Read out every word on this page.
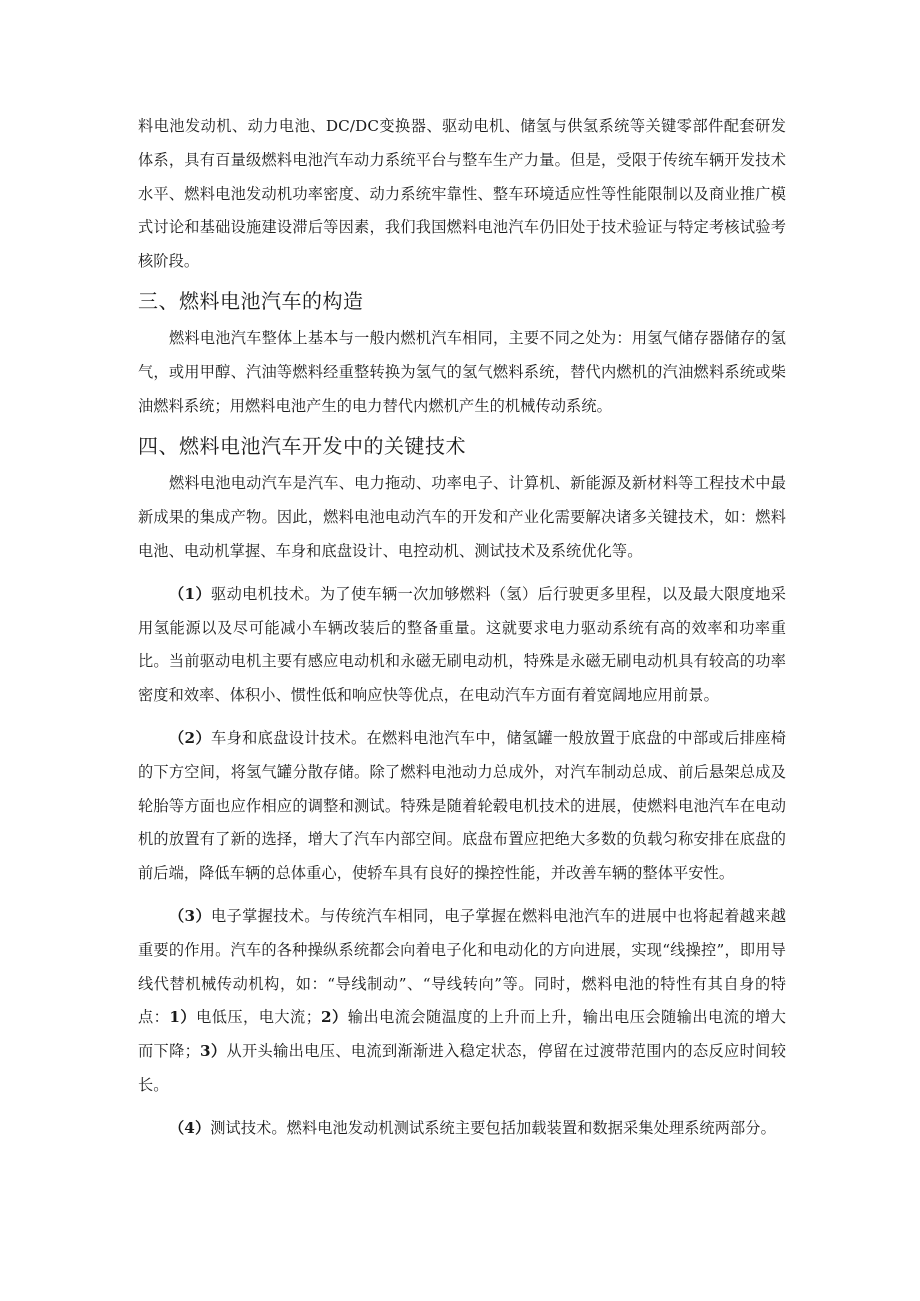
料电池发动机、动力电池、DC/DC变换器、驱动电机、储氢与供氢系统等关键零部件配套研发体系，具有百量级燃料电池汽车动力系统平台与整车生产力量。但是，受限于传统车辆开发技术水平、燃料电池发动机功率密度、动力系统牢靠性、整车环境适应性等性能限制以及商业推广模式讨论和基础设施建设滞后等因素，我们我国燃料电池汽车仍旧处于技术验证与特定考核试验考核阶段。

三、燃料电池汽车的构造

燃料电池汽车整体上基本与一般内燃机汽车相同，主要不同之处为：用氢气储存器储存的氢气，或用甲醇、汽油等燃料经重整转换为氢气的氢气燃料系统，替代内燃机的汽油燃料系统或柴油燃料系统；用燃料电池产生的电力替代内燃机产生的机械传动系统。

四、燃料电池汽车开发中的关键技术

燃料电池电动汽车是汽车、电力拖动、功率电子、计算机、新能源及新材料等工程技术中最新成果的集成产物。因此，燃料电池电动汽车的开发和产业化需要解决诸多关键技术，如：燃料电池、电动机掌握、车身和底盘设计、电控动机、测试技术及系统优化等。

（1）驱动电机技术。为了使车辆一次加够燃料（氢）后行驶更多里程，以及最大限度地采用氢能源以及尽可能减小车辆改装后的整备重量。这就要求电力驱动系统有高的效率和功率重比。当前驱动电机主要有感应电动机和永磁无刷电动机，特殊是永磁无刷电动机具有较高的功率密度和效率、体积小、惯性低和响应快等优点，在电动汽车方面有着宽阔地应用前景。

（2）车身和底盘设计技术。在燃料电池汽车中，储氢罐一般放置于底盘的中部或后排座椅的下方空间，将氢气罐分散存储。除了燃料电池动力总成外，对汽车制动总成、前后悬架总成及轮胎等方面也应作相应的调整和测试。特殊是随着轮毂电机技术的进展，使燃料电池汽车在电动机的放置有了新的选择，增大了汽车内部空间。底盘布置应把绝大多数的负载匀称安排在底盘的前后端，降低车辆的总体重心，使轿车具有良好的操控性能，并改善车辆的整体平安性。

（3）电子掌握技术。与传统汽车相同，电子掌握在燃料电池汽车的进展中也将起着越来越重要的作用。汽车的各种操纵系统都会向着电子化和电动化的方向进展，实现“线操控”，即用导线代替机械传动机构，如：“导线制动”、“导线转向”等。同时，燃料电池的特性有其自身的特点：1）电低压，电大流；2）输出电流会随温度的上升而上升，输出电压会随输出电流的增大而下降；3）从开头输出电压、电流到渐渐进入稳定状态，停留在过渡带范围内的态反应时间较长。

（4）测试技术。燃料电池发动机测试系统主要包括加载装置和数据采集处理系统两部分。
